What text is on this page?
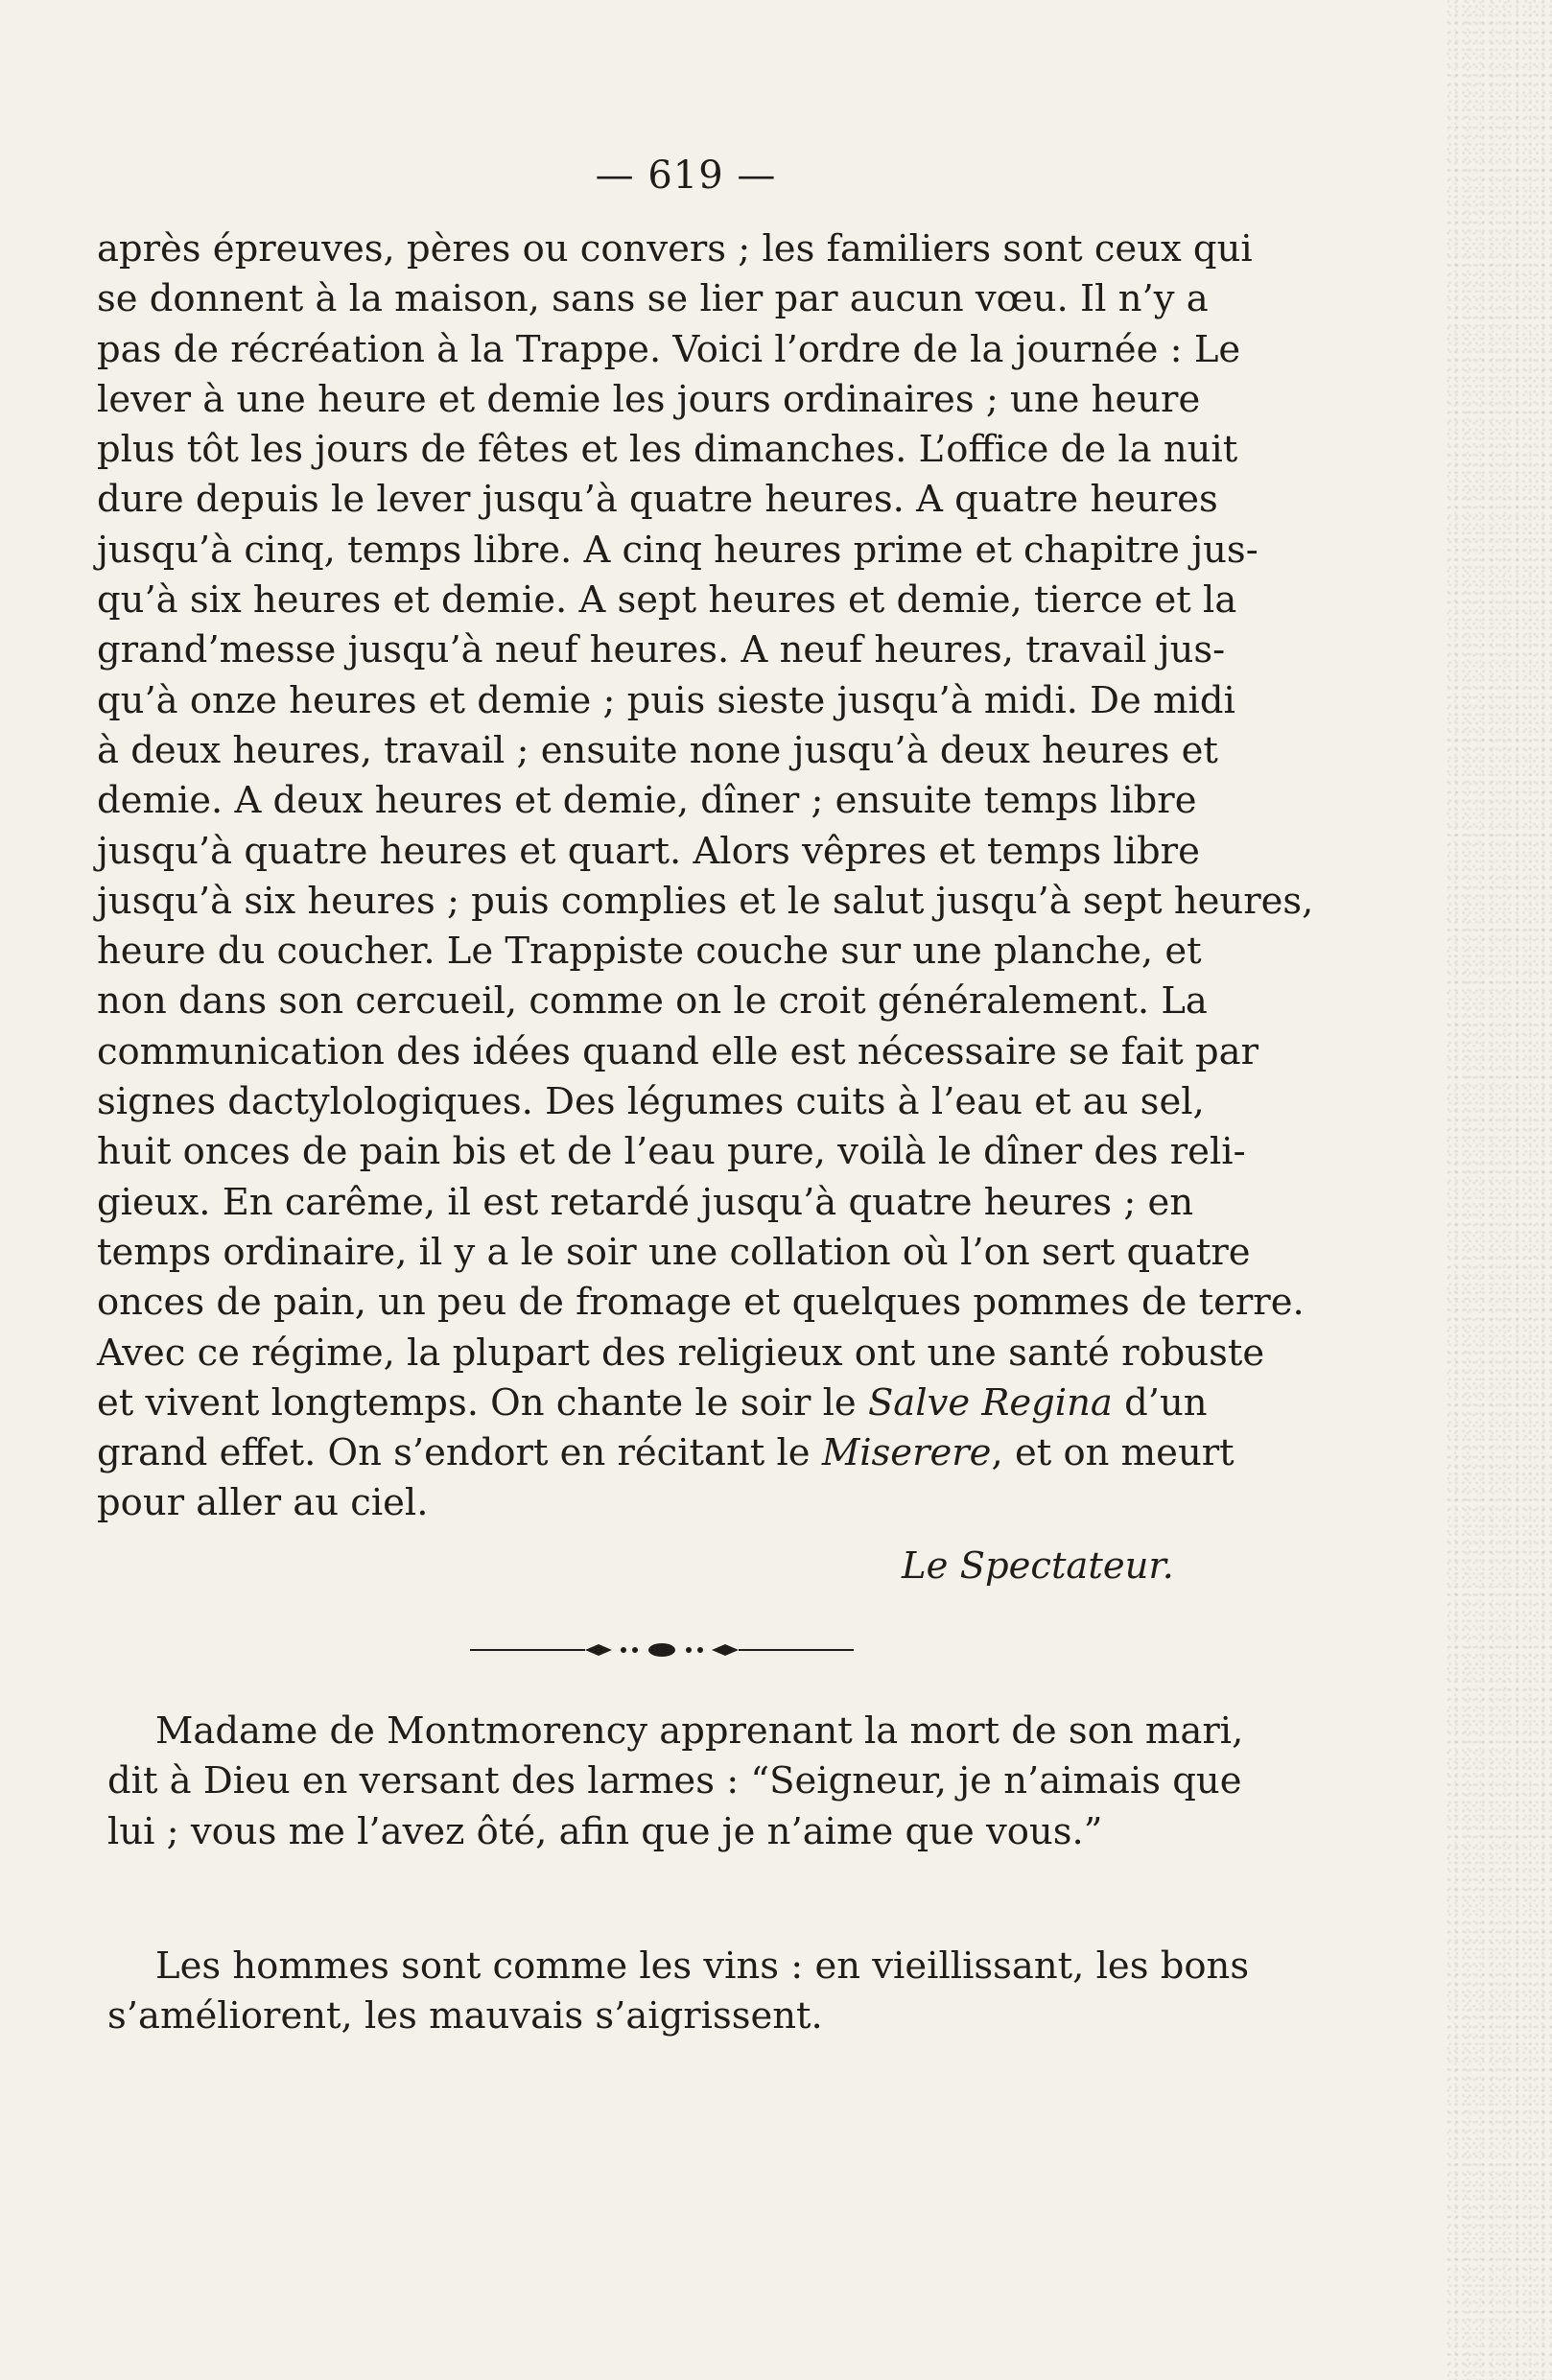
— 619 —
après épreuves, pères ou convers ; les familiers sont ceux qui
se donnent à la maison, sans se lier par aucun vœu. Il n’y a
pas de récréation à la Trappe. Voici l’ordre de la journée : Le
lever à une heure et demie les jours ordinaires ; une heure
plus tôt les jours de fêtes et les dimanches. L’office de la nuit
dure depuis le lever jusqu’à quatre heures. A quatre heures
jusqu’à cinq, temps libre. A cinq heures prime et chapitre jus-
qu’à six heures et demie. A sept heures et demie, tierce et la
grand’messe jusqu’à neuf heures. A neuf heures, travail jus-
qu’à onze heures et demie ; puis sieste jusqu’à midi. De midi
à deux heures, travail ; ensuite none jusqu’à deux heures et
demie. A deux heures et demie, dîner ; ensuite temps libre
jusqu’à quatre heures et quart. Alors vêpres et temps libre
jusqu’à six heures ; puis complies et le salut jusqu’à sept heures,
heure du coucher. Le Trappiste couche sur une planche, et
non dans son cercueil, comme on le croit généralement. La
communication des idées quand elle est nécessaire se fait par
signes dactylologiques. Des légumes cuits à l’eau et au sel,
huit onces de pain bis et de l’eau pure, voilà le dîner des reli-
gieux. En carême, il est retardé jusqu’à quatre heures ; en
temps ordinaire, il y a le soir une collation où l’on sert quatre
onces de pain, un peu de fromage et quelques pommes de terre.
Avec ce régime, la plupart des religieux ont une santé robuste
et vivent longtemps. On chante le soir le Salve Regina d’un
grand effet. On s’endort en récitant le Miserere, et on meurt
pour aller au ciel.
Le Spectateur.
Madame de Montmorency apprenant la mort de son mari,
dit à Dieu en versant des larmes : “Seigneur, je n’aimais que
lui ; vous me l’avez ôté, afin que je n’aime que vous.”
Les hommes sont comme les vins : en vieillissant, les bons
s’améliorent, les mauvais s’aigrissent.
